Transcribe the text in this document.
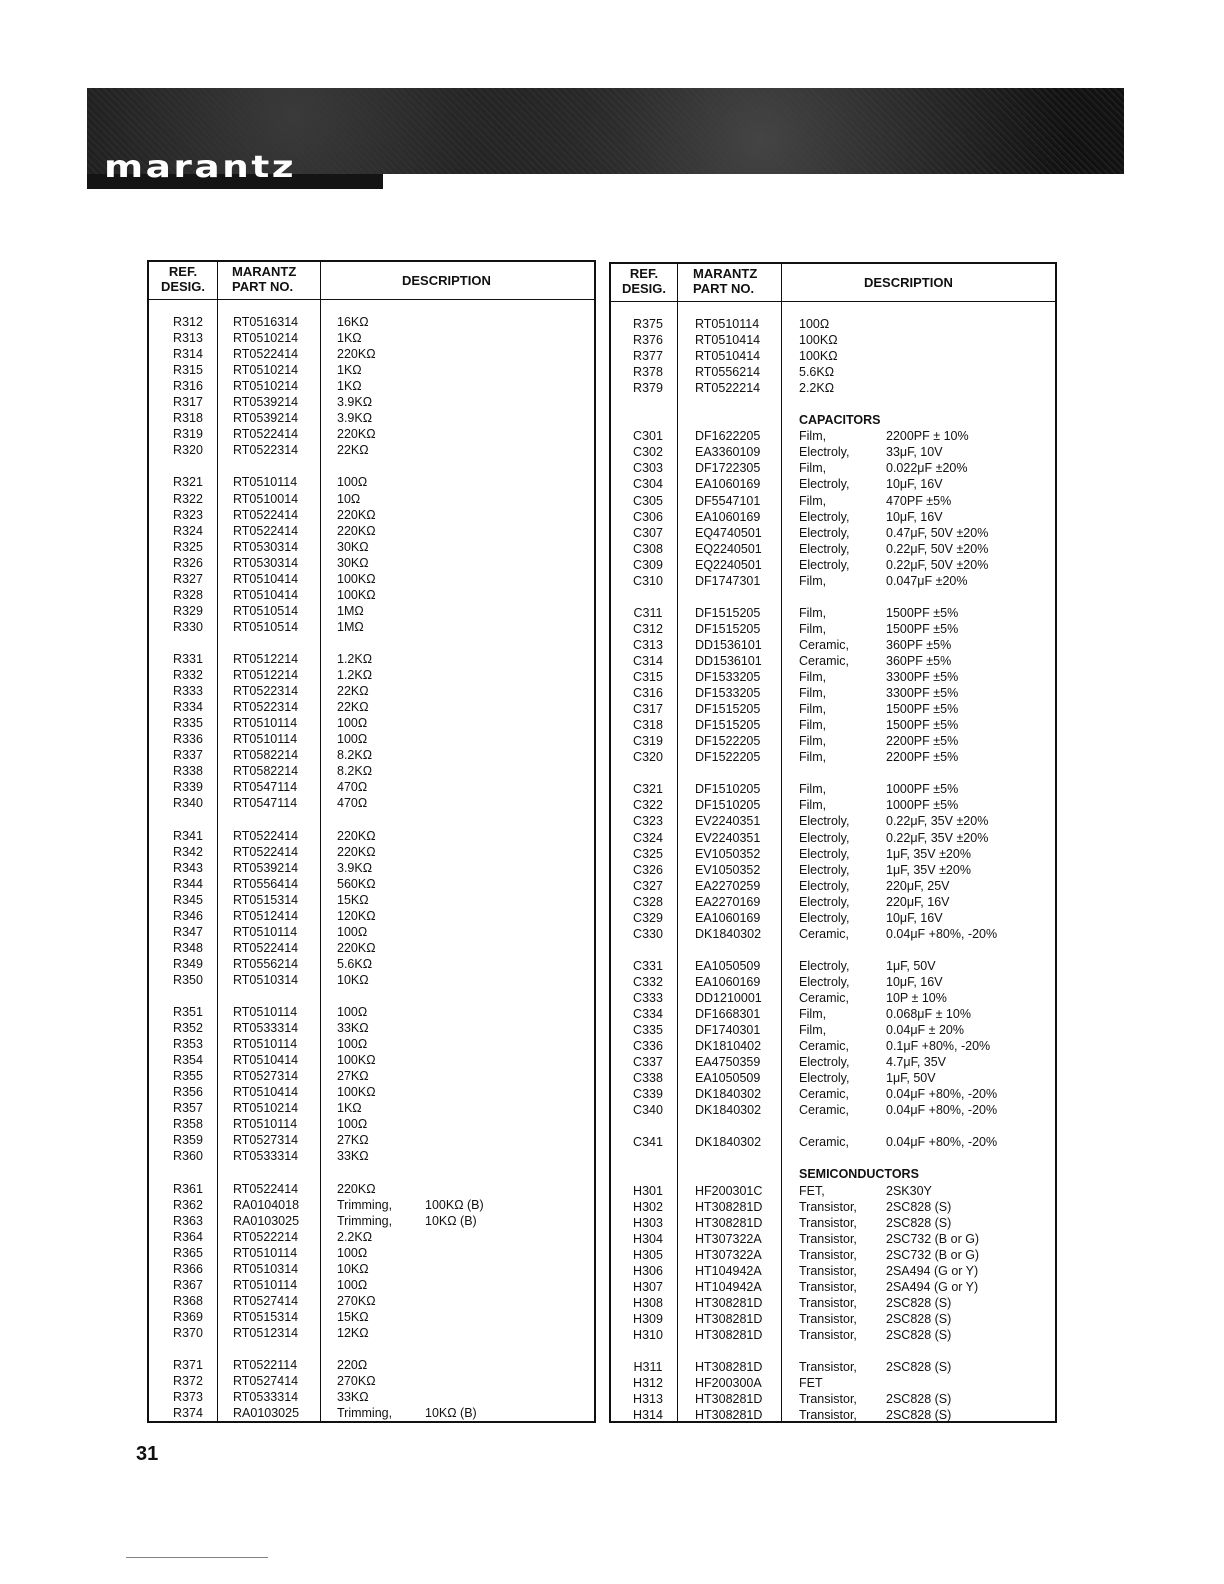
marantz
REF.
DESIG.
MARANTZ
PART NO.	DESCRIPTION
R312	RT0516314	16KΩ
R313	RT0510214	1KΩ
R314	RT0522414	220KΩ
R315	RT0510214	1KΩ
R316	RT0510214	1KΩ
R317	RT0539214	3.9KΩ
R318	RT0539214	3.9KΩ
R319	RT0522414	220KΩ
R320	RT0522314	22KΩ
R321	RT0510114	100Ω
R322	RT0510014	10Ω
R323	RT0522414	220KΩ
R324	RT0522414	220KΩ
R325	RT0530314	30KΩ
R326	RT0530314	30KΩ
R327	RT0510414	100KΩ
R328	RT0510414	100KΩ
R329	RT0510514	1MΩ
R330	RT0510514	1MΩ
R331	RT0512214	1.2KΩ
R332	RT0512214	1.2KΩ
R333	RT0522314	22KΩ
R334	RT0522314	22KΩ
R335	RT0510114	100Ω
R336	RT0510114	100Ω
R337	RT0582214	8.2KΩ
R338	RT0582214	8.2KΩ
R339	RT0547114	470Ω
R340	RT0547114	470Ω
R341	RT0522414	220KΩ
R342	RT0522414	220KΩ
R343	RT0539214	3.9KΩ
R344	RT0556414	560KΩ
R345	RT0515314	15KΩ
R346	RT0512414	120KΩ
R347	RT0510114	100Ω
R348	RT0522414	220KΩ
R349	RT0556214	5.6KΩ
R350	RT0510314	10KΩ
R351	RT0510114	100Ω
R352	RT0533314	33KΩ
R353	RT0510114	100Ω
R354	RT0510414	100KΩ
R355	RT0527314	27KΩ
R356	RT0510414	100KΩ
R357	RT0510214	1KΩ
R358	RT0510114	100Ω
R359	RT0527314	27KΩ
R360	RT0533314	33KΩ
R361	RT0522414	220KΩ
R362	RA0104018	Trimming,	100KΩ (B)
R363	RA0103025	Trimming,	10KΩ (B)
R364	RT0522214	2.2KΩ
R365	RT0510114	100Ω
R366	RT0510314	10KΩ
R367	RT0510114	100Ω
R368	RT0527414	270KΩ
R369	RT0515314	15KΩ
R370	RT0512314	12KΩ
R371	RT0522114	220Ω
R372	RT0527414	270KΩ
R373	RT0533314	33KΩ
R374	RA0103025	Trimming,	10KΩ (B)
REF.
DESIG.
MARANTZ
PART NO.	DESCRIPTION
R375	RT0510114	100Ω
R376	RT0510414	100KΩ
R377	RT0510414	100KΩ
R378	RT0556214	5.6KΩ
R379	RT0522214	2.2KΩ
CAPACITORS
C301	DF1622205	Film,	2200PF ± 10%
C302	EA3360109	Electroly,	33μF, 10V
C303	DF1722305	Film,	0.022μF ±20%
C304	EA1060169	Electroly,	10μF, 16V
C305	DF5547101	Film,	470PF ±5%
C306	EA1060169	Electroly,	10μF, 16V
C307	EQ4740501	Electroly,	0.47μF, 50V ±20%
C308	EQ2240501	Electroly,	0.22μF, 50V ±20%
C309	EQ2240501	Electroly,	0.22μF, 50V ±20%
C310	DF1747301	Film,	0.047μF ±20%
C311	DF1515205	Film,	1500PF ±5%
C312	DF1515205	Film,	1500PF ±5%
C313	DD1536101	Ceramic,	360PF ±5%
C314	DD1536101	Ceramic,	360PF ±5%
C315	DF1533205	Film,	3300PF ±5%
C316	DF1533205	Film,	3300PF ±5%
C317	DF1515205	Film,	1500PF ±5%
C318	DF1515205	Film,	1500PF ±5%
C319	DF1522205	Film,	2200PF ±5%
C320	DF1522205	Film,	2200PF ±5%
C321	DF1510205	Film,	1000PF ±5%
C322	DF1510205	Film,	1000PF ±5%
C323	EV2240351	Electroly,	0.22μF, 35V ±20%
C324	EV2240351	Electroly,	0.22μF, 35V ±20%
C325	EV1050352	Electroly,	1μF, 35V ±20%
C326	EV1050352	Electroly,	1μF, 35V ±20%
C327	EA2270259	Electroly,	220μF, 25V
C328	EA2270169	Electroly,	220μF, 16V
C329	EA1060169	Electroly,	10μF, 16V
C330	DK1840302	Ceramic,	0.04μF +80%, -20%
C331	EA1050509	Electroly,	1μF, 50V
C332	EA1060169	Electroly,	10μF, 16V
C333	DD1210001	Ceramic,	10P ± 10%
C334	DF1668301	Film,	0.068μF ± 10%
C335	DF1740301	Film,	0.04μF ± 20%
C336	DK1810402	Ceramic,	0.1μF +80%, -20%
C337	EA4750359	Electroly,	4.7μF, 35V
C338	EA1050509	Electroly,	1μF, 50V
C339	DK1840302	Ceramic,	0.04μF +80%, -20%
C340	DK1840302	Ceramic,	0.04μF +80%, -20%
C341	DK1840302	Ceramic,	0.04μF +80%, -20%
SEMICONDUCTORS
H301	HF200301C	FET,	2SK30Y
H302	HT308281D	Transistor, 2SC828 (S)
H303	HT308281D	Transistor, 2SC828 (S)
H304	HT307322A	Transistor, 2SC732 (B or G)
H305	HT307322A	Transistor, 2SC732 (B or G)
H306	HT104942A	Transistor, 2SA494 (G or Y)
H307	HT104942A	Transistor, 2SA494 (G or Y)
H308	HT308281D	Transistor, 2SC828 (S)
H309	HT308281D	Transistor, 2SC828 (S)
H310	HT308281D	Transistor, 2SC828 (S)
H311	HT308281D	Transistor, 2SC828 (S)
H312	HF200300A	FET
H313	HT308281D	Transistor, 2SC828 (S)
H314	HT308281D	Transistor, 2SC828 (S)
31
